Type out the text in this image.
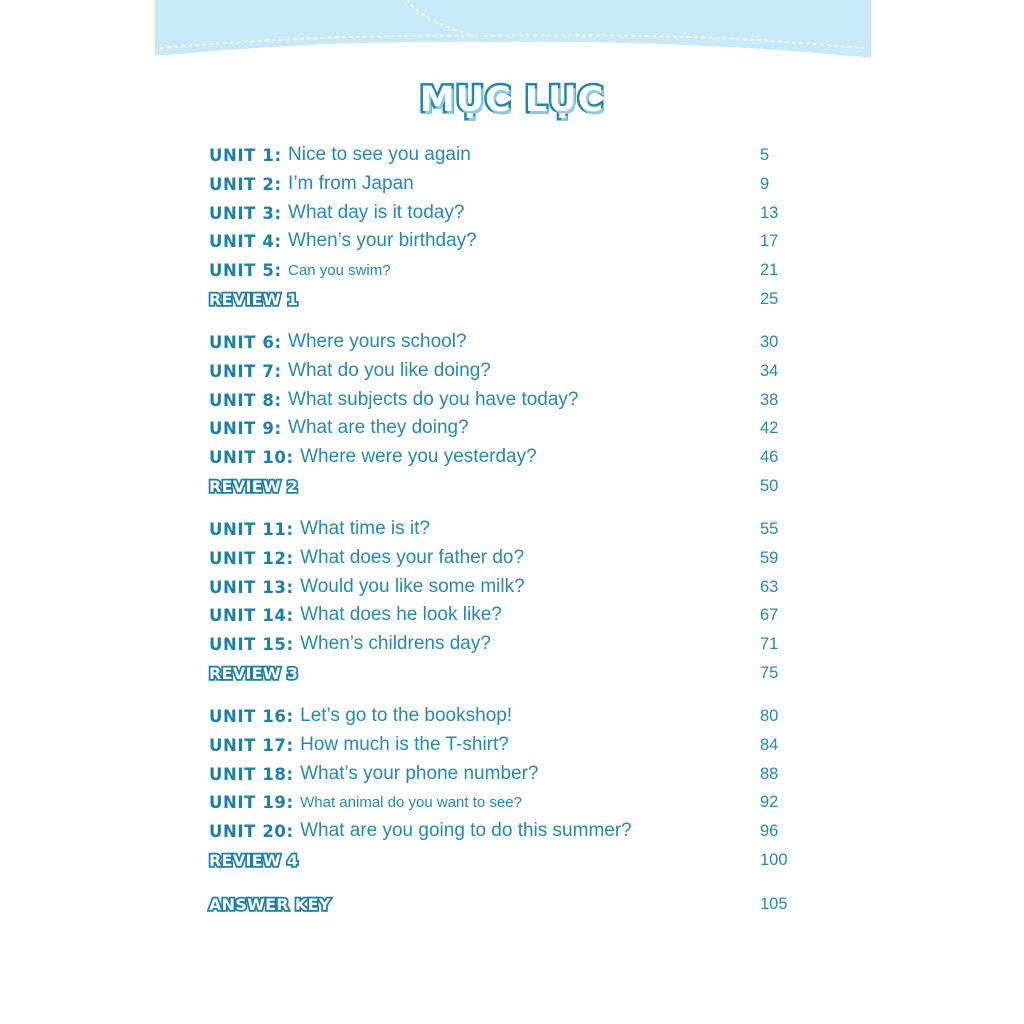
MỤC LỤC
UNIT 1 : Nice to see you again	5
UNIT 2 : I’m from Japan	9
UNIT 3 : What day is it today?	13
UNIT 4 : When’s your birthday?	17
UNIT 5 : Can you swim?	21
REVIEW 1	25
UNIT 6 : Where yours school?	30
UNIT 7 : What do you like doing?	34
UNIT 8 : What subjects do you have today?	38
UNIT 9 : What are they doing?	42
UNIT 10 : Where were you yesterday?	46
REVIEW 2	50
UNIT 11 : What time is it?	55
UNIT 12 : What does your father do?	59
UNIT 13 : Would you like some milk?	63
UNIT 14 : What does he look like?	67
UNIT 15 : When’s childrens day?	71
REVIEW 3	75
UNIT 16 : Let’s go to the bookshop!	80
UNIT 17 : How much is the T-shirt?	84
UNIT 18 : What’s your phone number?	88
UNIT 19 : What animal do you want to see?	92
UNIT 20 : What are you going to do this summer?	96
REVIEW 4	100
ANSWER KEY	105
